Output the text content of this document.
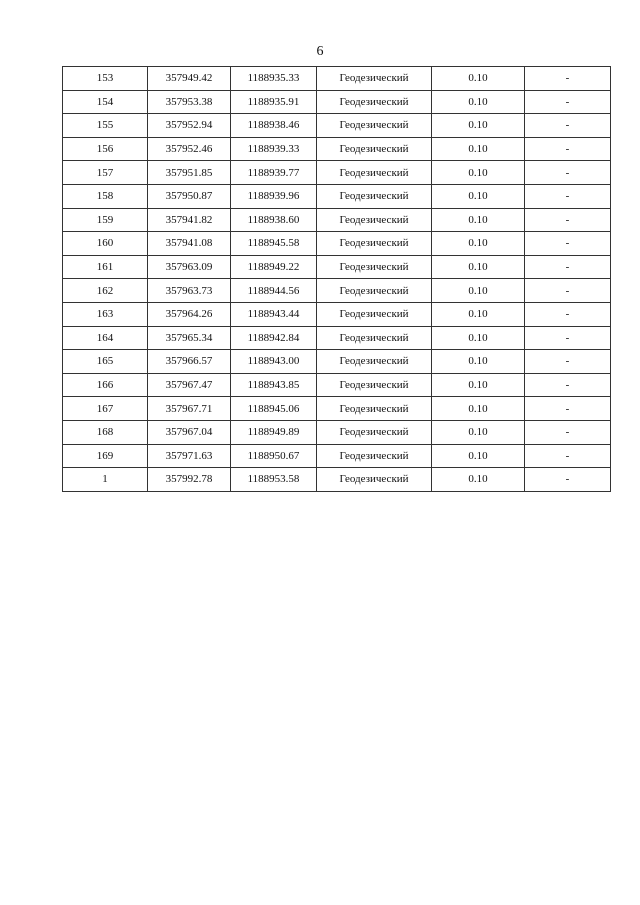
6
153	357949.42	1188935.33	Геодезический	0.10	-
154	357953.38	1188935.91	Геодезический	0.10	-
155	357952.94	1188938.46	Геодезический	0.10	-
156	357952.46	1188939.33	Геодезический	0.10	-
157	357951.85	1188939.77	Геодезический	0.10	-
158	357950.87	1188939.96	Геодезический	0.10	-
159	357941.82	1188938.60	Геодезический	0.10	-
160	357941.08	1188945.58	Геодезический	0.10	-
161	357963.09	1188949.22	Геодезический	0.10	-
162	357963.73	1188944.56	Геодезический	0.10	-
163	357964.26	1188943.44	Геодезический	0.10	-
164	357965.34	1188942.84	Геодезический	0.10	-
165	357966.57	1188943.00	Геодезический	0.10	-
166	357967.47	1188943.85	Геодезический	0.10	-
167	357967.71	1188945.06	Геодезический	0.10	-
168	357967.04	1188949.89	Геодезический	0.10	-
169	357971.63	1188950.67	Геодезический	0.10	-
1	357992.78	1188953.58	Геодезический	0.10	-
